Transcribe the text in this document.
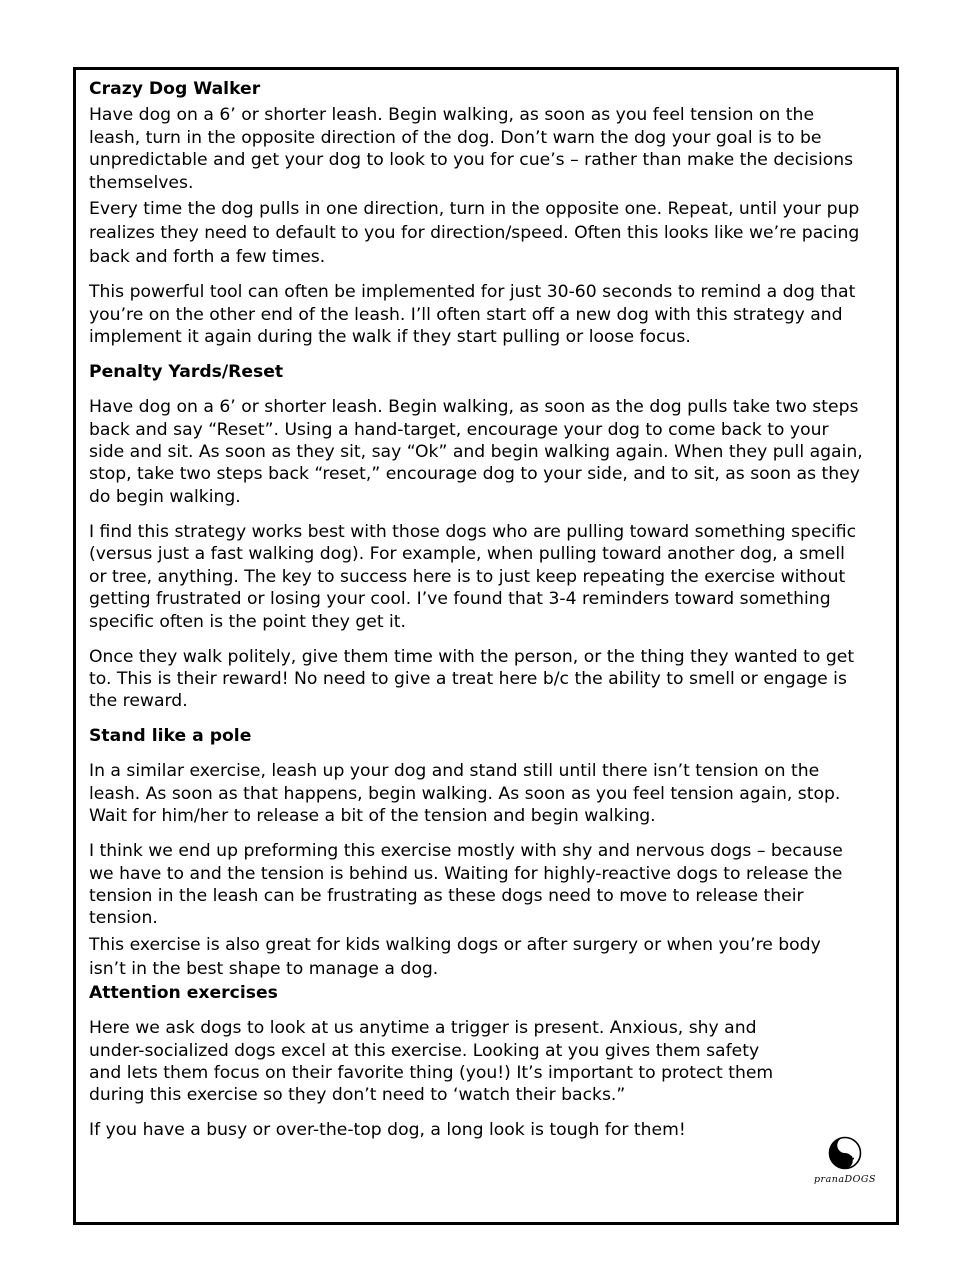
Crazy Dog Walker
Have dog on a 6’ or shorter leash. Begin walking, as soon as you feel tension on the
leash, turn in the opposite direction of the dog. Don’t warn the dog your goal is to be
unpredictable and get your dog to look to you for cue’s – rather than make the decisions
themselves.
Every time the dog pulls in one direction, turn in the opposite one. Repeat, until your pup
realizes they need to default to you for direction/speed. Often this looks like we’re pacing
back and forth a few times.
This powerful tool can often be implemented for just 30-60 seconds to remind a dog that
you’re on the other end of the leash. I’ll often start off a new dog with this strategy and
implement it again during the walk if they start pulling or loose focus.
Penalty Yards/Reset
Have dog on a 6’ or shorter leash. Begin walking, as soon as the dog pulls take two steps
back and say “Reset”. Using a hand-target, encourage your dog to come back to your
side and sit. As soon as they sit, say “Ok” and begin walking again. When they pull again,
stop, take two steps back “reset,” encourage dog to your side, and to sit, as soon as they
do begin walking.
I find this strategy works best with those dogs who are pulling toward something specific
(versus just a fast walking dog). For example, when pulling toward another dog, a smell
or tree, anything. The key to success here is to just keep repeating the exercise without
getting frustrated or losing your cool. I’ve found that 3-4 reminders toward something
specific often is the point they get it.
Once they walk politely, give them time with the person, or the thing they wanted to get
to. This is their reward! No need to give a treat here b/c the ability to smell or engage is
the reward.
Stand like a pole
In a similar exercise, leash up your dog and stand still until there isn’t tension on the
leash. As soon as that happens, begin walking. As soon as you feel tension again, stop.
Wait for him/her to release a bit of the tension and begin walking.
I think we end up preforming this exercise mostly with shy and nervous dogs – because
we have to and the tension is behind us. Waiting for highly-reactive dogs to release the
tension in the leash can be frustrating as these dogs need to move to release their
tension.
This exercise is also great for kids walking dogs or after surgery or when you’re body
isn’t in the best shape to manage a dog.
Attention exercises
Here we ask dogs to look at us anytime a trigger is present. Anxious, shy and
under-socialized dogs excel at this exercise. Looking at you gives them safety
and lets them focus on their favorite thing (you!) It’s important to protect them
during this exercise so they don’t need to ‘watch their backs.”
If you have a busy or over-the-top dog, a long look is tough for them!
pranaDOGS
